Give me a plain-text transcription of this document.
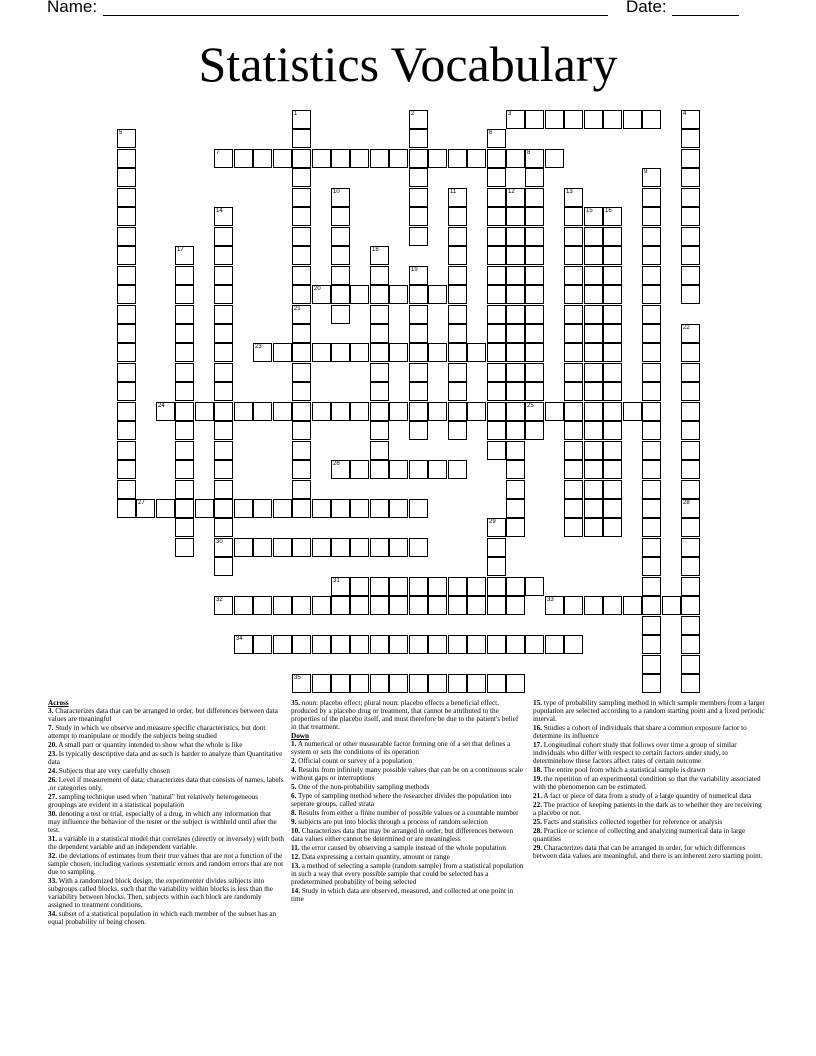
Name:	Date:
Statistics Vocabulary
3
7	8
20
23
24	25
26
27
30
31
32	33
34
35
1
21
2	4
5	6
9
10	11	12	13
14	15 16
17	18
19
22
28
29
Across
3. Characterizes data that can be arranged in order, but differences between data values are meaningful
7. Study in which we observe and measure specific characteristics, but dont attempt to manipulate or modify the subjects being studied
20. A small part or quantity intended to show what the whole is like
23. Is typically descriptive data and as such is harder to analyze than Quantitative data
24. Subjects that are very carefully chosen
26. Level if measurement of data; characterizes data that consists of names, labels ,or categories only.
27. sampling technique used when "natural" but relatively heterogeneous groupings are evident in a statistical population
30. denoting a test or trial, especially of a drug, in which any information that may influence the behavior of the tester or the subject is withheld until after the test.
31. a variable in a statistical model that correlates (directly or inversely) with both the dependent variable and an independent variable.
32. the deviations of estimates from their true values that are not a function of the sample chosen, including various systematic errors and random errors that are not due to sampling.
33. With a randomized block design, the experimenter divides subjects into subgroups called blocks, such that the variability within blocks is less than the variability between blocks. Then, subjects within each block are randomly assigned to treatment conditions.
34. subset of a statistical population in which each member of the subset has an equal probability of being chosen.
35. noun: placebo effect; plural noun: placebo effects a beneficial effect, produced by a placebo drug or treatment, that cannot be attributed to the properties of the placebo itself, and must therefore be due to the patient's belief in that treatment.
Down
1. A numerical or other measurable factor forming one of a set that defines a system or sets the conditions of its operation
2. Official count or survey of a population
4. Results from infinitely many possible values that can be on a continuous scale without gaps or interruptions
5. One of the non-probability sampling methods
6. Type of sampling method where the researcher divides the population into seperate groups, called strata
8. Results from either a finite number of possible values or a countable number
9. subjects are put into blocks through a process of random selection
10. Characterizes data that may be arranged in order, but differences between data values either cannot be determined or are meaningless
11. the error caused by observing a sample instead of the whole population
12. Data expressing a certain quantity, amount or range
13. a method of selecting a sample (random sample) from a statistical population in such a way that every possible sample that could be selected has a predetermined probability of being selected
14. Study in which data are observed, measured, and collected at one point in time
15. type of probability sampling method in which sample members from a larger population are selected according to a random starting point and a fixed periodic interval.
16. Studies a cohort of individuals that share a common exposure factor to determine its influence
17. Longitudinal cohort study that follows over time a group of similar individuals who differ with respect to certain factors under study, to determinehow these factors affect rates of certain outcome
18. The entire pool from which a statistical sample is drawn
19. the repetition of an experimental condition so that the variability associated with the phenomenon can be estimated.
21. A fact or piece of data from a study of a large quantity of numerical data
22. The practice of keeping patients in the dark as to whether they are receiving a placebo or not.
25. Facts and statistics collected together for reference or analysis
28. Practice or science of collecting and analyzing numerical data in large quantities
29. Characterizes data that can be arranged in order, for which differences between data values are meaningful, and there is an inherent zero starting point.
